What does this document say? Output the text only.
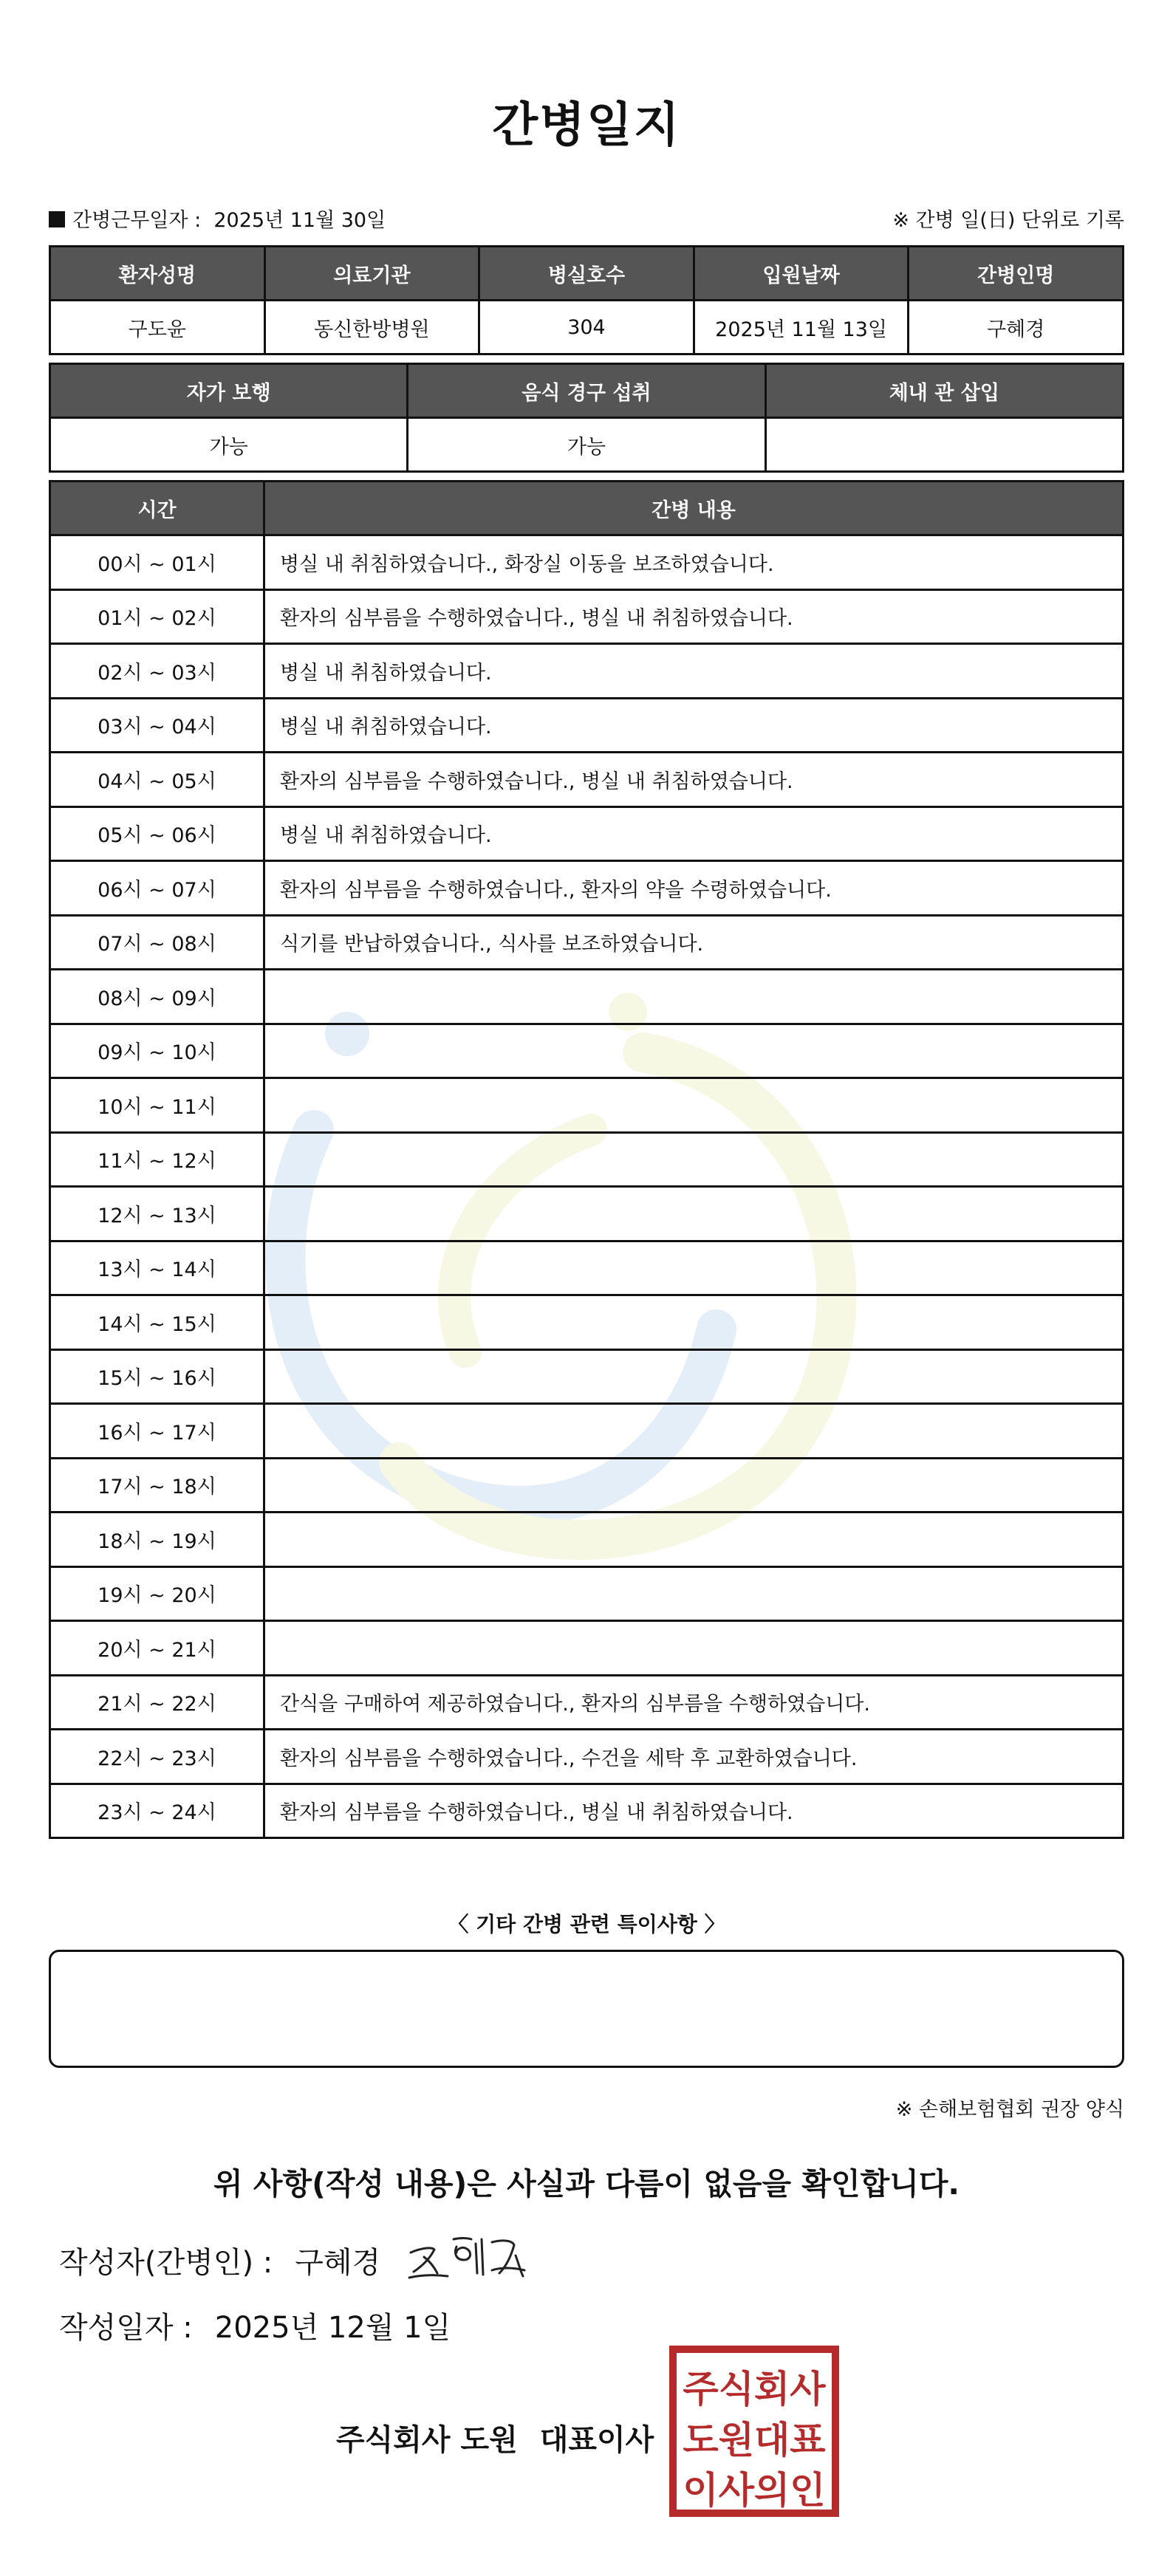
간병일지
간병근무일자 : 2025년 11월 30일	※ 간병 일(日) 단위로 기록
환자성명	의료기관	병실호수	입원날짜	간병인명
구도윤	동신한방병원	304	2025년 11월 13일	구혜경
자가 보행	음식 경구 섭취	체내 관 삽입
가능	가능	
시간	간병 내용
00시 ~ 01시	병실 내 취침하였습니다., 화장실 이동을 보조하였습니다.
01시 ~ 02시	환자의 심부름을 수행하였습니다., 병실 내 취침하였습니다.
02시 ~ 03시	병실 내 취침하였습니다.
03시 ~ 04시	병실 내 취침하였습니다.
04시 ~ 05시	환자의 심부름을 수행하였습니다., 병실 내 취침하였습니다.
05시 ~ 06시	병실 내 취침하였습니다.
06시 ~ 07시	환자의 심부름을 수행하였습니다., 환자의 약을 수령하였습니다.
07시 ~ 08시	식기를 반납하였습니다., 식사를 보조하였습니다.
08시 ~ 09시	
09시 ~ 10시	
10시 ~ 11시	
11시 ~ 12시	
12시 ~ 13시	
13시 ~ 14시	
14시 ~ 15시	
15시 ~ 16시	
16시 ~ 17시	
17시 ~ 18시	
18시 ~ 19시	
19시 ~ 20시	
20시 ~ 21시	
21시 ~ 22시	간식을 구매하여 제공하였습니다., 환자의 심부름을 수행하였습니다.
22시 ~ 23시	환자의 심부름을 수행하였습니다., 수건을 세탁 후 교환하였습니다.
23시 ~ 24시	환자의 심부름을 수행하였습니다., 병실 내 취침하였습니다.
〈 기타 간병 관련 특이사항 〉
※ 손해보험협회 권장 양식
위 사항(작성 내용)은 사실과 다름이 없음을 확인합니다.
작성자(간병인) : 구혜경
작성일자 : 2025년 12월 1일
주식회사 도원 대표이사
주식회사
도원대표
이사의인
